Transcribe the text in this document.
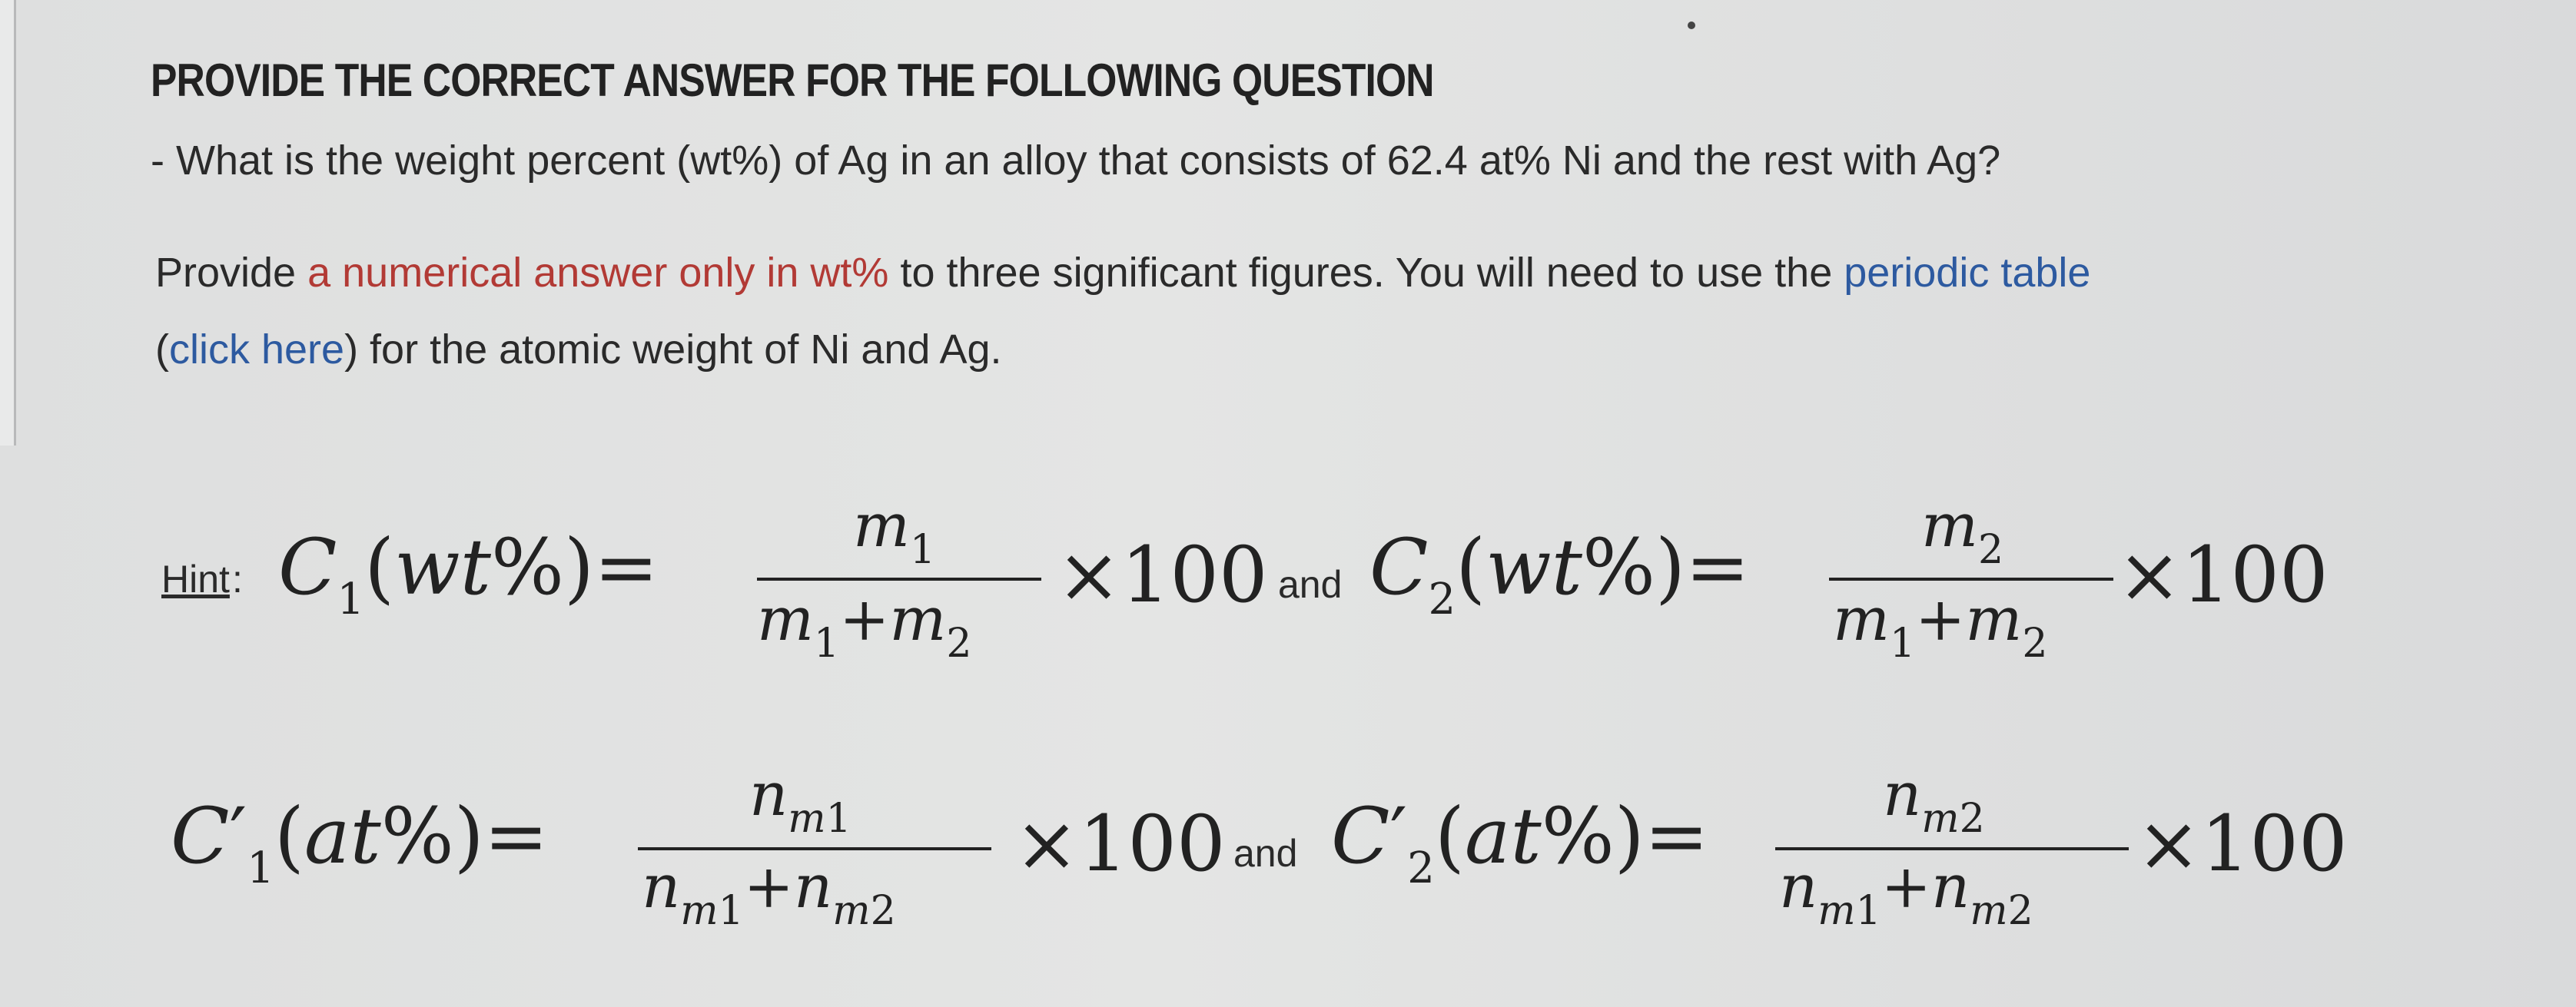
PROVIDE THE CORRECT ANSWER FOR THE FOLLOWING QUESTION
- What is the weight percent (wt%) of Ag in an alloy that consists of 62.4 at% Ni and the rest with Ag?
Provide a numerical answer only in wt% to three significant figures. You will need to use the periodic table
(click here) for the atomic weight of Ni and Ag.
Hint : $C_1(wt\%)=$	$m_1$
$m_1+m_2$
×100 and $C_2(wt\%)=$	$m_2$
$m_1+m_2$
×100
$C'_1(at\%)=$	$n_{m1}$
$n_{m1}+n_{m2}$
×100 and $C'_2(at\%)=$	$n_{m2}$
$n_{m1}+n_{m2}$
×100
